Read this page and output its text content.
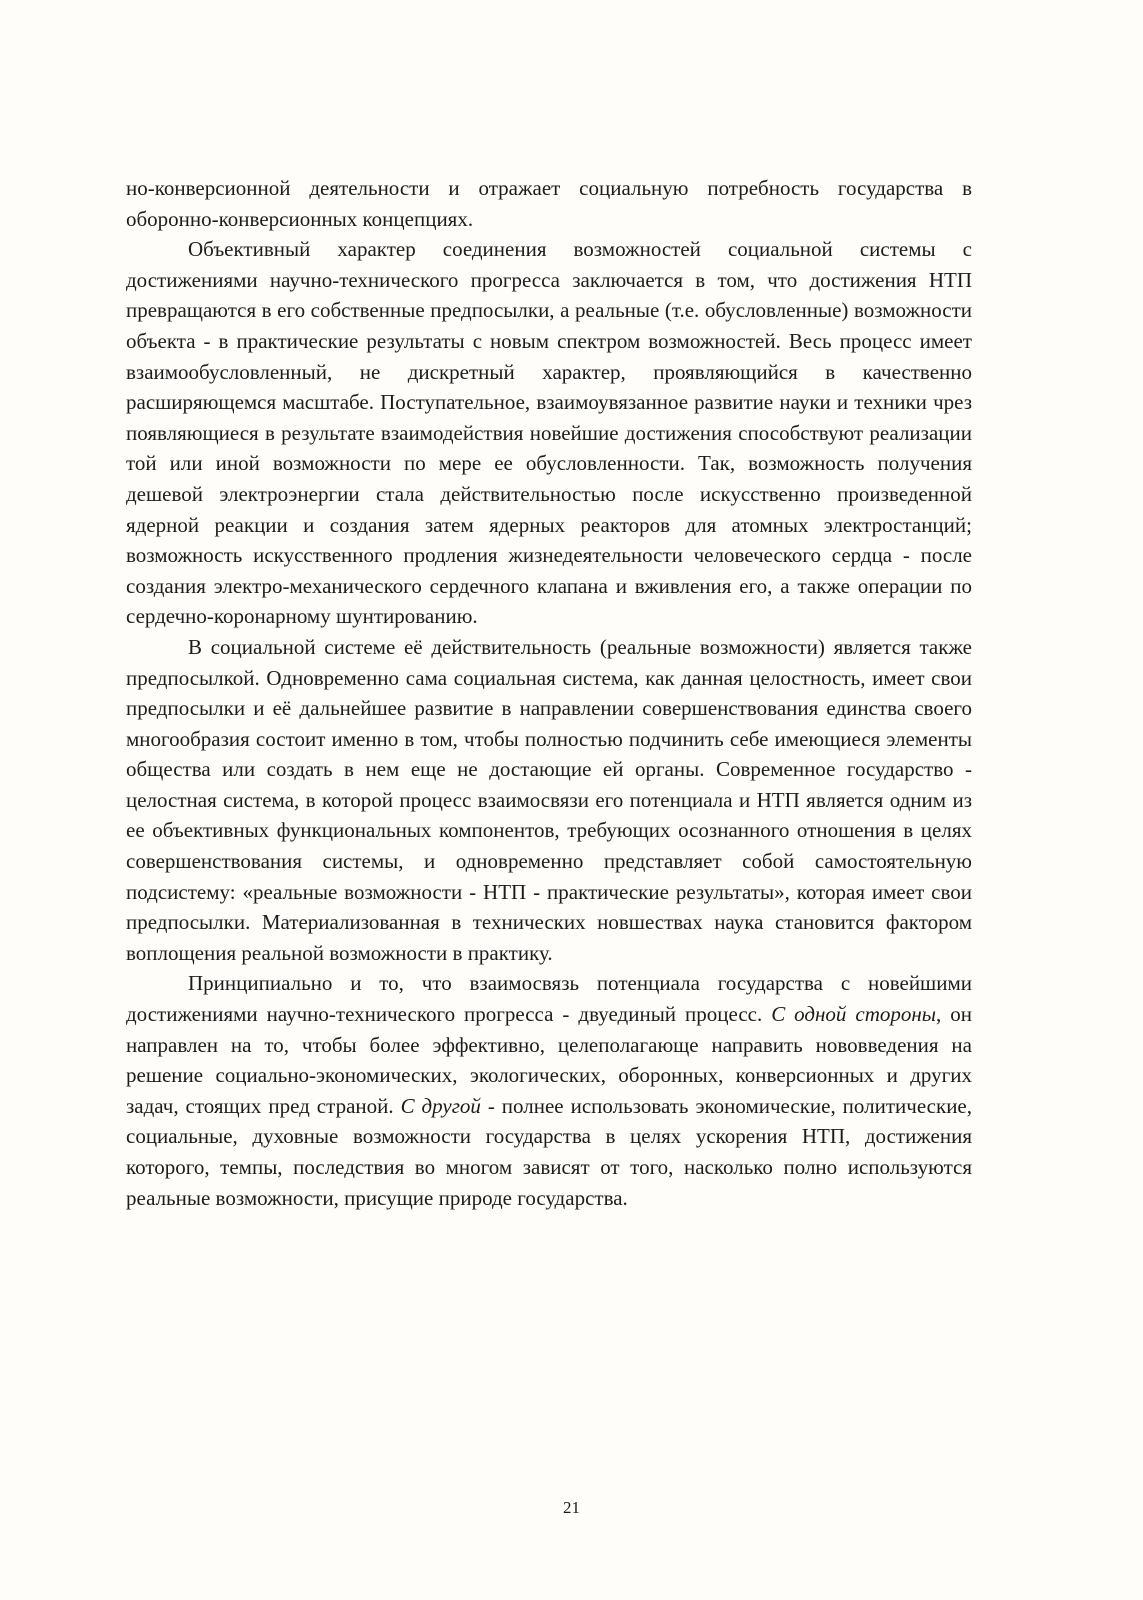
но-конверсионной деятельности и отражает социальную потребность государства в оборонно-конверсионных концепциях.

Объективный характер соединения возможностей социальной системы с достижениями научно-технического прогресса заключается в том, что достижения НТП превращаются в его собственные предпосылки, а реальные (т.е. обусловленные) возможности объекта - в практические результаты с новым спектром возможностей. Весь процесс имеет взаимообусловленный, не дискретный характер, проявляющийся в качественно расширяющемся масштабе. Поступательное, взаимоувязанное развитие науки и техники чрез появляющиеся в результате взаимодействия новейшие достижения способствуют реализации той или иной возможности по мере ее обусловленности. Так, возможность получения дешевой электроэнергии стала действительностью после искусственно произведенной ядерной реакции и создания затем ядерных реакторов для атомных электростанций; возможность искусственного продления жизнедеятельности человеческого сердца - после создания электро-механического сердечного клапана и вживления его, а также операции по сердечно-коронарному шунтированию.

В социальной системе её действительность (реальные возможности) является также предпосылкой. Одновременно сама социальная система, как данная целостность, имеет свои предпосылки и её дальнейшее развитие в направлении совершенствования единства своего многообразия состоит именно в том, чтобы полностью подчинить себе имеющиеся элементы общества или создать в нем еще не достающие ей органы. Современное государство - целостная система, в которой процесс взаимосвязи его потенциала и НТП является одним из ее объективных функциональных компонентов, требующих осознанного отношения в целях совершенствования системы, и одновременно представляет собой самостоятельную подсистему: «реальные возможности - НТП - практические результаты», которая имеет свои предпосылки. Материализованная в технических новшествах наука становится фактором воплощения реальной возможности в практику.

Принципиально и то, что взаимосвязь потенциала государства с новейшими достижениями научно-технического прогресса - двуединый процесс. С одной стороны, он направлен на то, чтобы более эффективно, целеполагающе направить нововведения на решение социально-экономических, экологических, оборонных, конверсионных и других задач, стоящих пред страной. С другой - полнее использовать экономические, политические, социальные, духовные возможности государства в целях ускорения НТП, достижения которого, темпы, последствия во многом зависят от того, насколько полно используются реальные возможности, присущие природе государства.

21
